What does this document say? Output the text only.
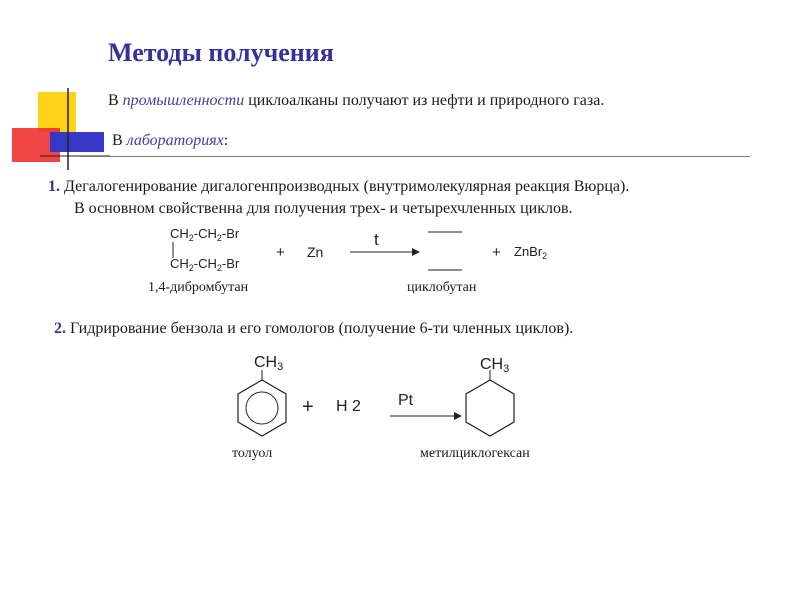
Методы получения
В промышленности циклоалканы получают из нефти и природного газа.
В лабораториях:
1. Дегалогенирование дигалогенпроизводных (внутримолекулярная реакция Вюрца).
В основном свойственна для получения трех- и четырехчленных циклов.
$CH_2-CH_2-Br$
$CH_2-CH_2-Br$
+ Zn
t
+ ZnBr$_2$
1,4-дибромбутан	циклобутан
2. Гидрирование бензола и его гомологов (получение 6-ти членных циклов).
$CH_3$
+ H 2 Pt
$CH_3$
толуол	метилциклогексан
